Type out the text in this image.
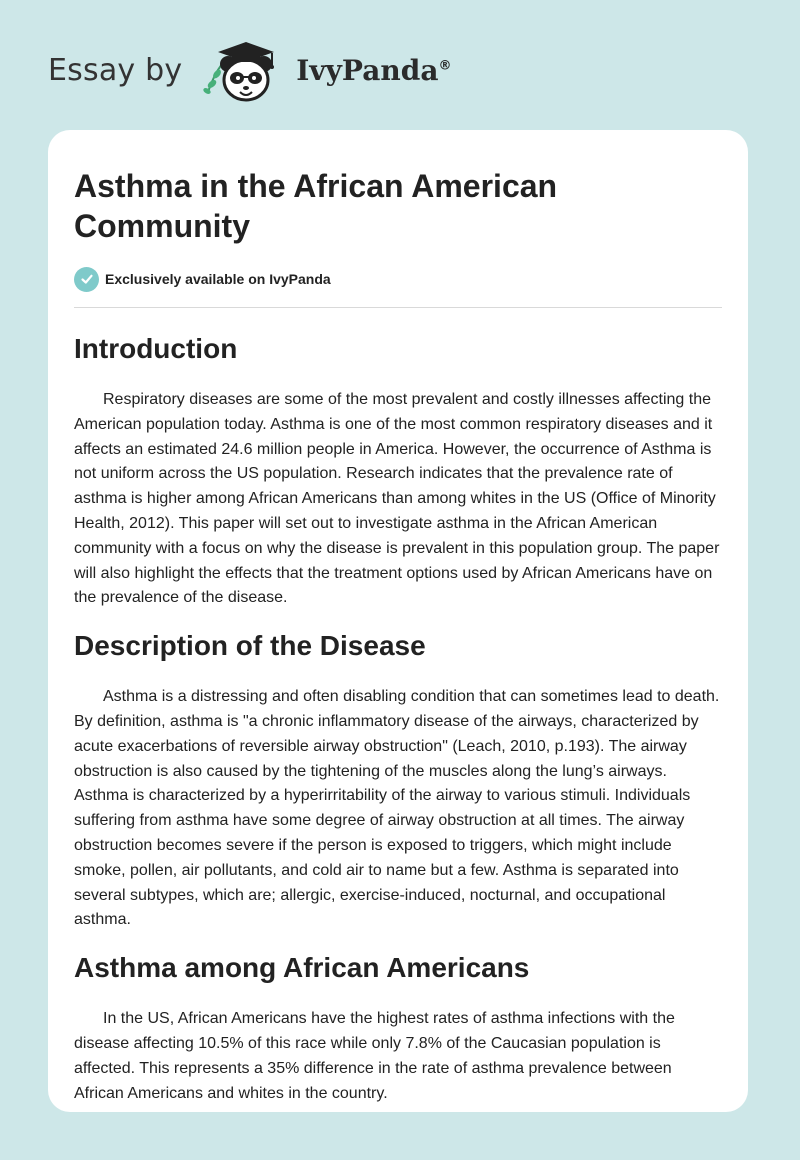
Essay by	IvyPanda®
Asthma in the African American Community
Exclusively available on IvyPanda
Introduction

Respiratory diseases are some of the most prevalent and costly illnesses affecting the American population today. Asthma is one of the most common respiratory diseases and it affects an estimated 24.6 million people in America. However, the occurrence of Asthma is not uniform across the US population. Research indicates that the prevalence rate of asthma is higher among African Americans than among whites in the US (Office of Minority Health, 2012). This paper will set out to investigate asthma in the African American community with a focus on why the disease is prevalent in this population group. The paper will also highlight the effects that the treatment options used by African Americans have on the prevalence of the disease.

Description of the Disease

Asthma is a distressing and often disabling condition that can sometimes lead to death. By definition, asthma is "a chronic inflammatory disease of the airways, characterized by acute exacerbations of reversible airway obstruction" (Leach, 2010, p.193). The airway obstruction is also caused by the tightening of the muscles along the lung’s airways. Asthma is characterized by a hyperirritability of the airway to various stimuli. Individuals suffering from asthma have some degree of airway obstruction at all times. The airway obstruction becomes severe if the person is exposed to triggers, which might include smoke, pollen, air pollutants, and cold air to name but a few. Asthma is separated into several subtypes, which are; allergic, exercise-induced, nocturnal, and occupational asthma.

Asthma among African Americans

In the US, African Americans have the highest rates of asthma infections with the disease affecting 10.5% of this race while only 7.8% of the Caucasian population is affected. This represents a 35% difference in the rate of asthma prevalence between African Americans and whites in the country.
